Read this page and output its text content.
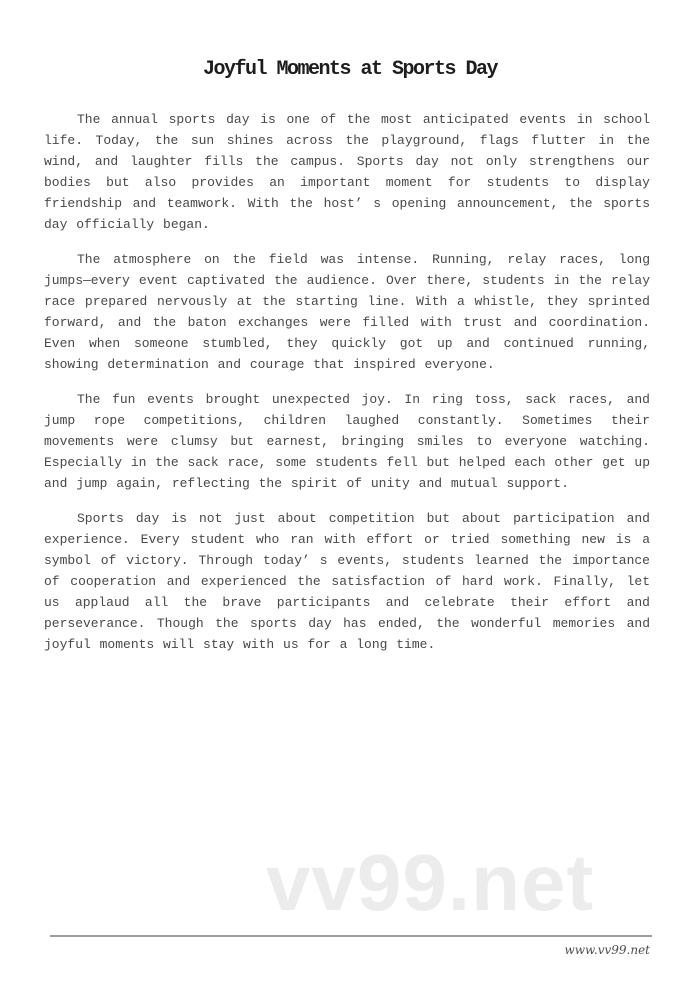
Joyful Moments at Sports Day

The annual sports day is one of the most anticipated events in school life. Today, the sun shines across the playground, flags flutter in the wind, and laughter fills the campus. Sports day not only strengthens our bodies but also provides an important moment for students to display friendship and teamwork. With the host’ s opening announcement, the sports day officially began.

The atmosphere on the field was intense. Running, relay races, long jumps—every event captivated the audience. Over there, students in the relay race prepared nervously at the starting line. With a whistle, they sprinted forward, and the baton exchanges were filled with trust and coordination. Even when someone stumbled, they quickly got up and continued running, showing determination and courage that inspired everyone.

The fun events brought unexpected joy. In ring toss, sack races, and jump rope competitions, children laughed constantly. Sometimes their movements were clumsy but earnest, bringing smiles to everyone watching. Especially in the sack race, some students fell but helped each other get up and jump again, reflecting the spirit of unity and mutual support.

Sports day is not just about competition but about participation and experience. Every student who ran with effort or tried something new is a symbol of victory. Through today’ s events, students learned the importance of cooperation and experienced the satisfaction of hard work. Finally, let us applaud all the brave participants and celebrate their effort and perseverance. Though the sports day has ended, the wonderful memories and joyful moments will stay with us for a long time.

vv99.net
www.vv99.net
